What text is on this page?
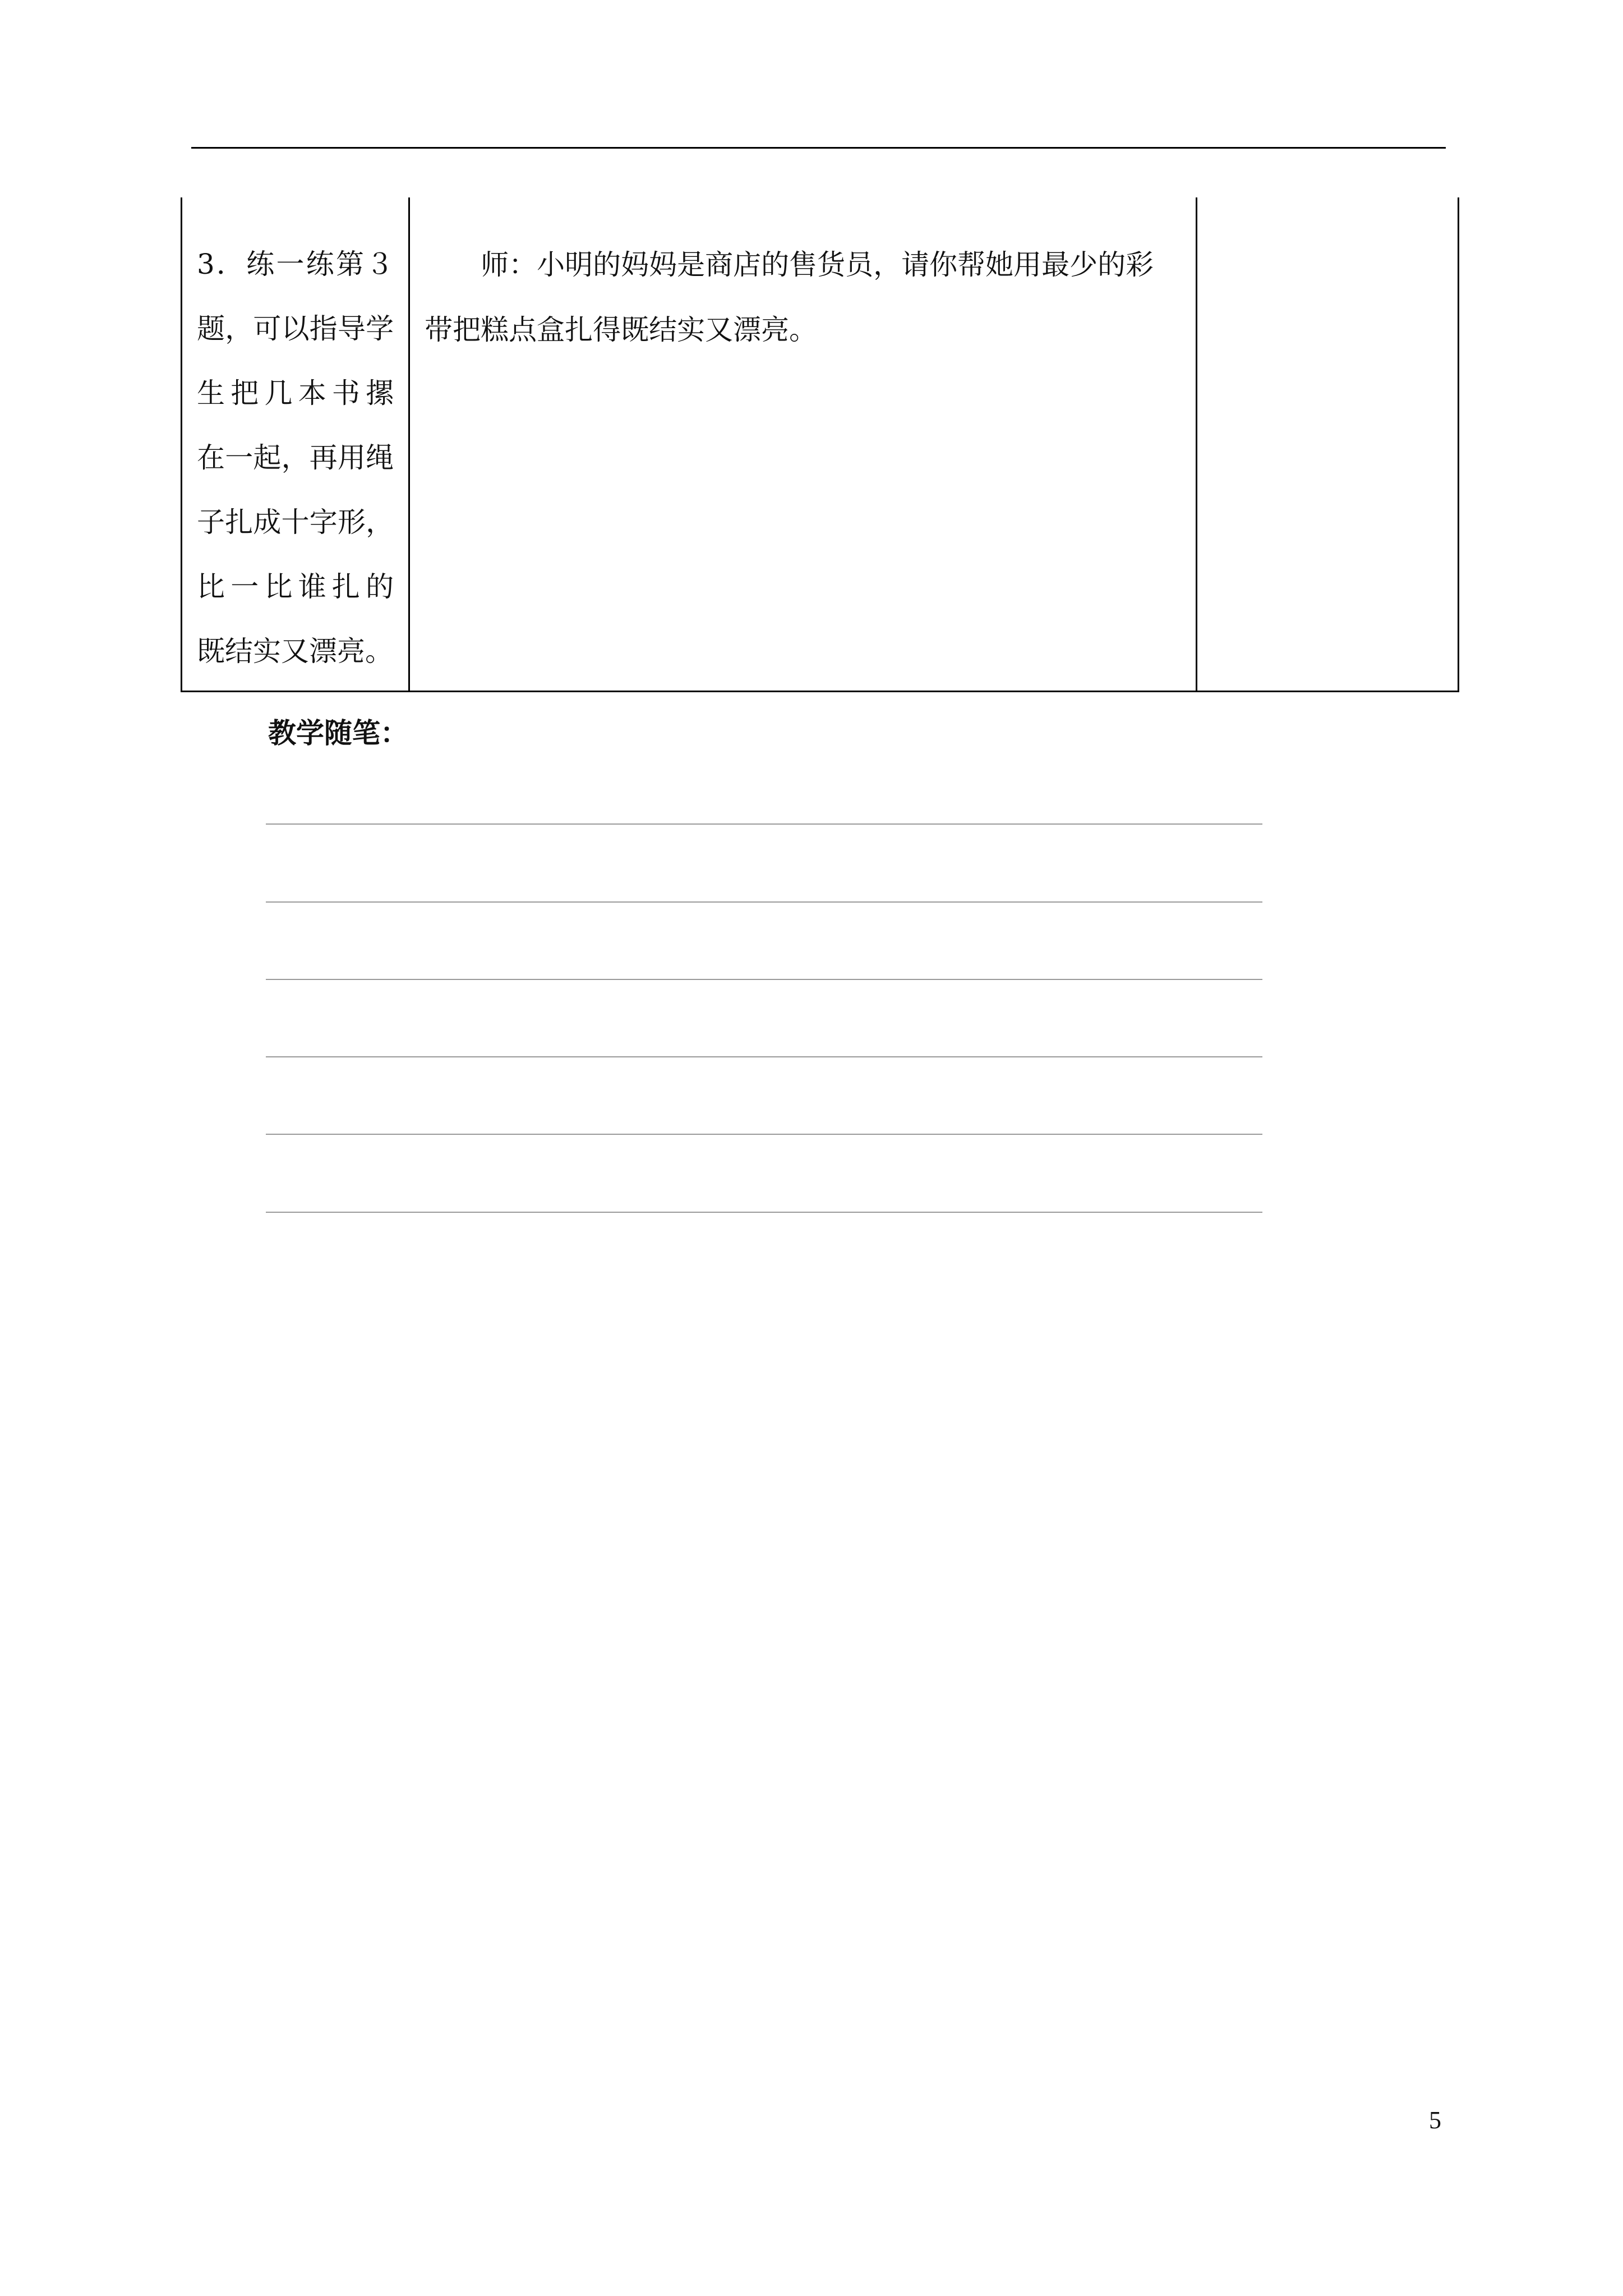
3．练一练第３
题，可以指导学
生把几本书摞
在一起，再用绳
子扎成十字形，
比一比谁扎的
既结实又漂亮。

师：小明的妈妈是商店的售货员，请你帮她用最少的彩带把糕点盒扎得既结实又漂亮。

教学随笔：
5
